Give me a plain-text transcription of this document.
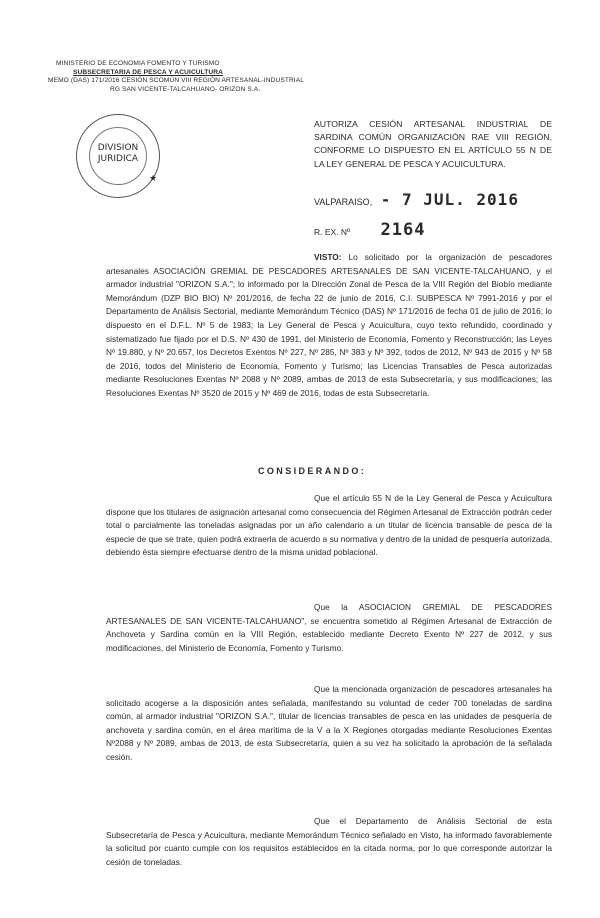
MINISTERIO DE ECONOMIA FOMENTO Y TURISMO
SUBSECRETARIA DE PESCA Y ACUICULTURA
MEMO (DAS) 171/2016 CESIÓN SCOMÚN VIII REGIÓN ARTESANAL-INDUSTRIAL
RG SAN VICENTE-TALCAHUANO- ORIZON S.A.
DIVISION
JURIDICA
★
AUTORIZA CESIÓN ARTESANAL INDUSTRIAL DE SARDINA COMÚN ORGANIZACIÓN RAE VIII REGIÓN, CONFORME LO DISPUESTO EN EL ARTÍCULO 55 N DE LA LEY GENERAL DE PESCA Y ACUICULTURA.
VALPARAISO, - 7 JUL. 2016
R. EX. Nº 2164

VISTO: Lo solicitado por la organización de pescadores artesanales ASOCIACIÓN GREMIAL DE PESCADORES ARTESANALES DE SAN VICENTE-TALCAHUANO, y el armador industrial "ORIZON S.A."; lo informado por la Dirección Zonal de Pesca de la VIII Región del Biobío mediante Memorándum (DZP BIO BIO) Nº 201/2016, de fecha 22 de junio de 2016, C.I. SUBPESCA Nº 7991-2016 y por el Departamento de Análisis Sectorial, mediante Memorándum Técnico (DAS) Nº 171/2016 de fecha 01 de julio de 2016; lo dispuesto en el D.F.L. Nº 5 de 1983; la Ley General de Pesca y Acuicultura, cuyo texto refundido, coordinado y sistematizado fue fijado por el D.S. Nº 430 de 1991, del Ministerio de Economía, Fomento y Reconstrucción; las Leyes Nº 19.880, y Nº 20.657, los Decretos Exentos Nº 227, Nº 285, Nº 383 y Nº 392, todos de 2012, Nº 943 de 2015 y Nº 58 de 2016, todos del Ministerio de Economía, Fomento y Turismo; las Licencias Transables de Pesca autorizadas mediante Resoluciones Exentas Nº 2088 y Nº 2089, ambas de 2013 de esta Subsecretaría, y sus modificaciones; las Resoluciones Exentas Nº 3520 de 2015 y Nº 469 de 2016, todas de esta Subsecretaría.

CONSIDERANDO:

Que el artículo 55 N de la Ley General de Pesca y Acuicultura dispone que los titulares de asignación artesanal como consecuencia del Régimen Artesanal de Extracción podrán ceder total o parcialmente las toneladas asignadas por un año calendario a un titular de licencia transable de pesca de la especie de que se trate, quien podrá extraerla de acuerdo a su normativa y dentro de la unidad de pesquería autorizada, debiendo ésta siempre efectuarse dentro de la misma unidad poblacional.

Que la ASOCIACION GREMIAL DE PESCADORES ARTESANALES DE SAN VICENTE-TALCAHUANO", se encuentra sometido al Régimen Artesanal de Extracción de Anchoveta y Sardina común en la VIII Región, establecido mediante Decreto Exento Nº 227 de 2012, y sus modificaciones, del Ministerio de Economía, Fomento y Turismo.

Que la mencionada organización de pescadores artesanales ha solicitado acogerse a la disposición antes señalada, manifestando su voluntad de ceder 700 toneladas de sardina común, al armador industrial "ORIZON S.A.", titular de licencias transables de pesca en las unidades de pesquería de anchoveta y sardina común, en el área marítima de la V a la X Regiones otorgadas mediante Resoluciones Exentas Nº2088 y Nº 2089, ambas de 2013, de esta Subsecretaría, quien a su vez ha solicitado la aprobación de la señalada cesión.

Que el Departamento de Análisis Sectorial de esta Subsecretaría de Pesca y Acuicultura, mediante Memorándum Técnico señalado en Visto, ha informado favorablemente la solicitud por cuanto cumple con los requisitos establecidos en la citada norma, por lo que corresponde autorizar la cesión de toneladas.
